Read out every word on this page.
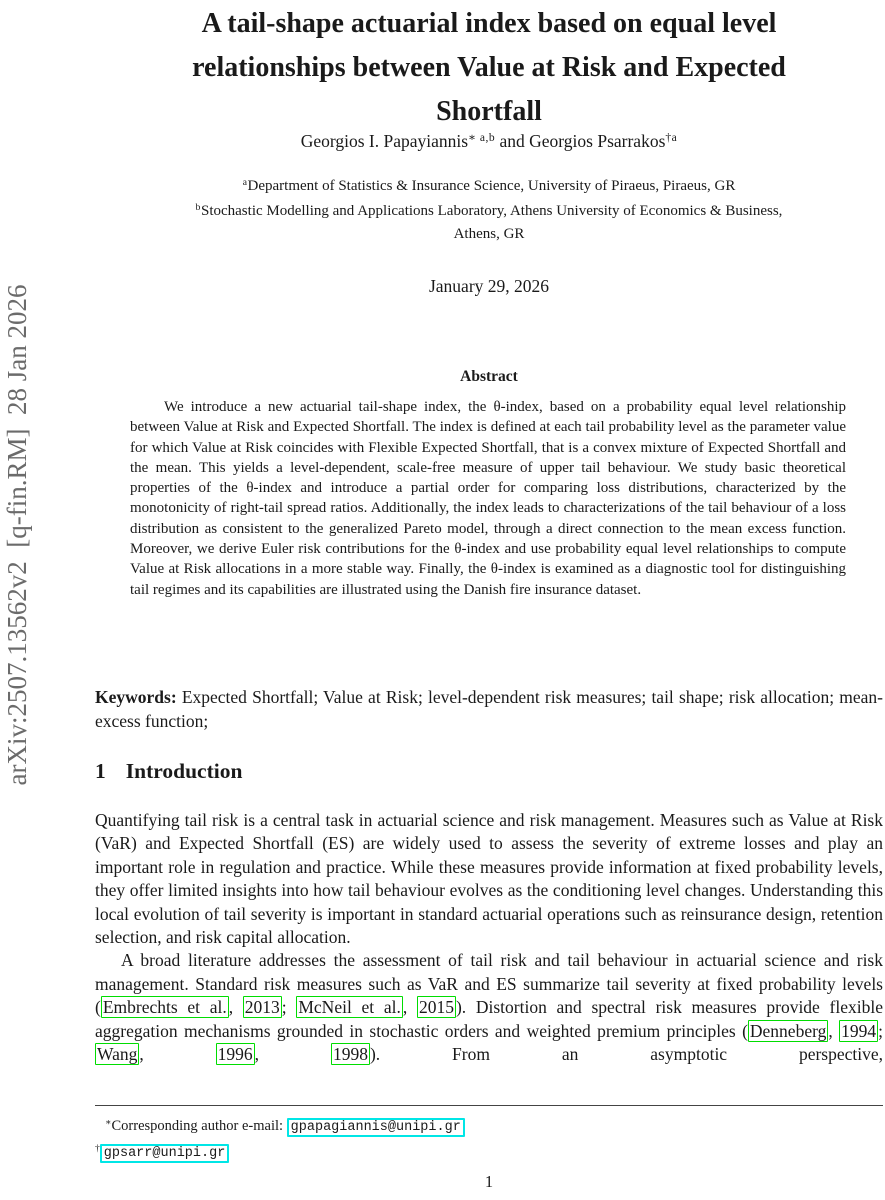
arXiv:2507.13562v2  [q-fin.RM]  28 Jan 2026
A tail-shape actuarial index based on equal level
relationships between Value at Risk and Expected
Shortfall
Georgios I. Papayiannis$^{∗ a,b}$ and Georgios Psarrakos$^{\dagger a}$
$^a$Department of Statistics & Insurance Science, University of Piraeus, Piraeus, GR
$^b$Stochastic Modelling and Applications Laboratory, Athens University of Economics & Business,
Athens, GR
January 29, 2026
Abstract
We introduce a new actuarial tail-shape index, the θ-index, based on a probability equal level relationship between Value at Risk and Expected Shortfall. The index is defined at each tail probability level as the parameter value for which Value at Risk coincides with Flexible Expected Shortfall, that is a convex mixture of Expected Shortfall and the mean. This yields a level-dependent, scale-free measure of upper tail behaviour. We study basic theoretical properties of the θ-index and introduce a partial order for comparing loss distributions, characterized by the monotonicity of right-tail spread ratios. Additionally, the index leads to characterizations of the tail behaviour of a loss distribution as consistent to the generalized Pareto model, through a direct connection to the mean excess function. Moreover, we derive Euler risk contributions for the θ-index and use probability equal level relationships to compute Value at Risk allocations in a more stable way. Finally, the θ-index is examined as a diagnostic tool for distinguishing tail regimes and its capabilities are illustrated using the Danish fire insurance dataset.
Keywords: Expected Shortfall; Value at Risk; level-dependent risk measures; tail shape; risk allocation; mean-excess function;
1 Introduction

Quantifying tail risk is a central task in actuarial science and risk management. Measures such as Value at Risk (VaR) and Expected Shortfall (ES) are widely used to assess the severity of extreme losses and play an important role in regulation and practice. While these measures provide information at fixed probability levels, they offer limited insights into how tail behaviour evolves as the conditioning level changes. Understanding this local evolution of tail severity is important in standard actuarial operations such as reinsurance design, retention selection, and risk capital allocation.

A broad literature addresses the assessment of tail risk and tail behaviour in actuarial science and risk management. Standard risk measures such as VaR and ES summarize tail severity at fixed probability levels ( Embrechts et al. , 2013 ; McNeil et al. , 2015 ). Distortion and spectral risk measures provide flexible aggregation mechanisms grounded in stochastic orders and weighted premium principles ( Denneberg , 1994 ; Wang , 1996 , 1998 ). From an asymptotic perspective,

∗Corresponding author e-mail: gpapagiannis@unipi.gr
† gpsarr@unipi.gr
1
